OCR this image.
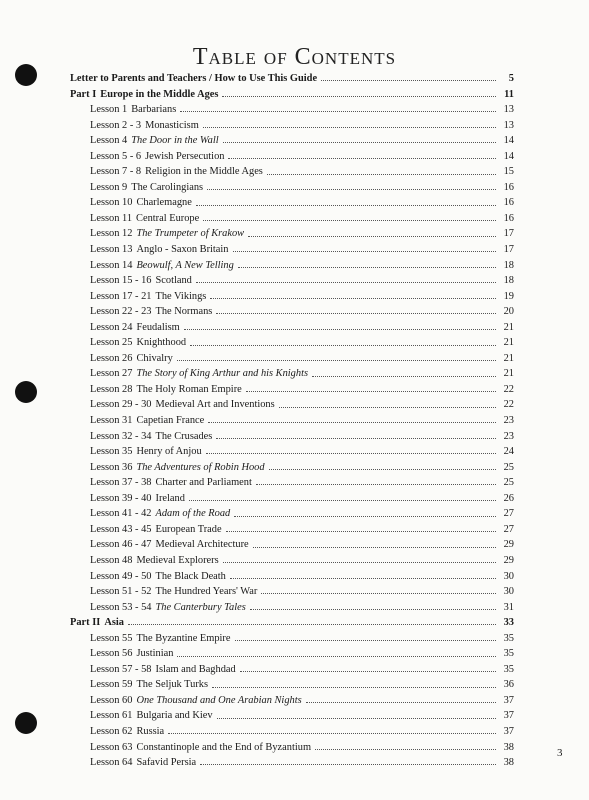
Table of Contents
Letter to Parents and Teachers / How to Use This Guide	5
Part I Europe in the Middle Ages	11
Lesson 1 Barbarians	13
Lesson 2 - 3 Monasticism	13
Lesson 4 The Door in the Wall	14
Lesson 5 - 6 Jewish Persecution	14
Lesson 7 - 8 Religion in the Middle Ages	15
Lesson 9 The Carolingians	16
Lesson 10 Charlemagne	16
Lesson 11 Central Europe	16
Lesson 12 The Trumpeter of Krakow	17
Lesson 13 Anglo - Saxon Britain	17
Lesson 14 Beowulf, A New Telling	18
Lesson 15 - 16 Scotland	18
Lesson 17 - 21 The Vikings	19
Lesson 22 - 23 The Normans	20
Lesson 24 Feudalism	21
Lesson 25 Knighthood	21
Lesson 26 Chivalry	21
Lesson 27 The Story of King Arthur and his Knights	21
Lesson 28 The Holy Roman Empire	22
Lesson 29 - 30 Medieval Art and Inventions	22
Lesson 31 Capetian France	23
Lesson 32 - 34 The Crusades	23
Lesson 35 Henry of Anjou	24
Lesson 36 The Adventures of Robin Hood	25
Lesson 37 - 38 Charter and Parliament	25
Lesson 39 - 40 Ireland	26
Lesson 41 - 42 Adam of the Road	27
Lesson 43 - 45 European Trade	27
Lesson 46 - 47 Medieval Architecture	29
Lesson 48 Medieval Explorers	29
Lesson 49 - 50 The Black Death	30
Lesson 51 - 52 The Hundred Years' War	30
Lesson 53 - 54 The Canterbury Tales	31
Part II Asia	33
Lesson 55 The Byzantine Empire	35
Lesson 56 Justinian	35
Lesson 57 - 58 Islam and Baghdad	35
Lesson 59 The Seljuk Turks	36
Lesson 60 One Thousand and One Arabian Nights	37
Lesson 61 Bulgaria and Kiev	37
Lesson 62 Russia	37
Lesson 63 Constantinople and the End of Byzantium	38
Lesson 64 Safavid Persia	38
3
